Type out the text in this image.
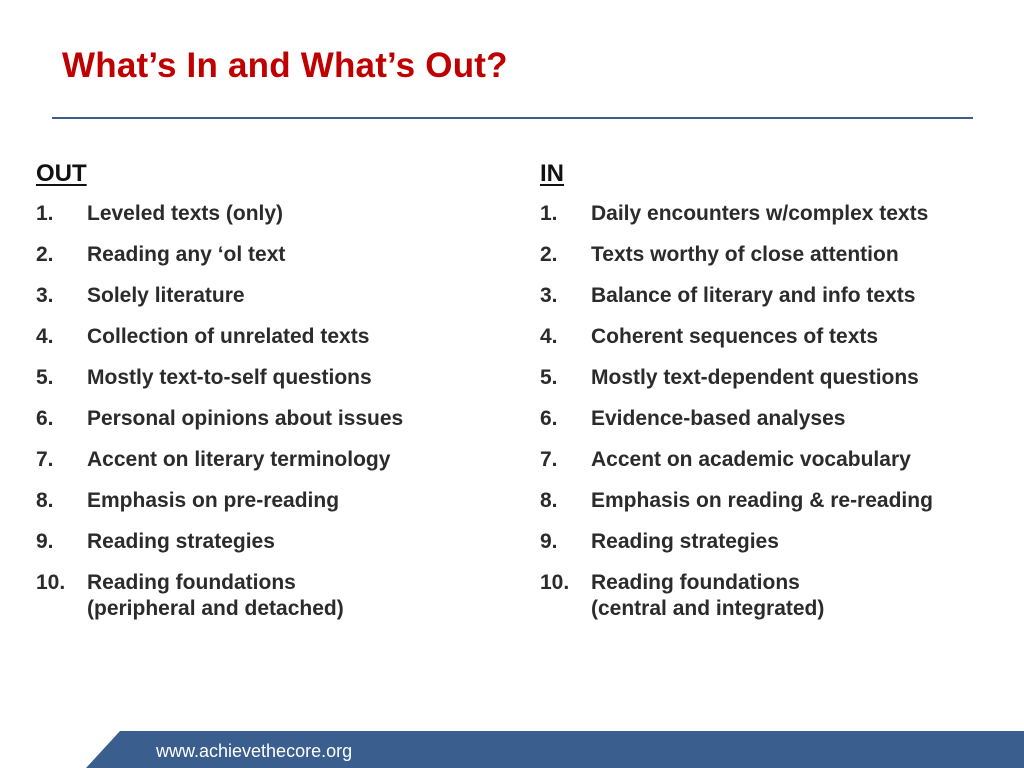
What’s In and What’s Out?
OUT
1.	Leveled texts (only)
2.	Reading any ‘ol text
3.	Solely literature
4.	Collection of unrelated texts
5.	Mostly text-to-self questions
6.	Personal opinions about issues
7.	Accent on literary terminology
8.	Emphasis on pre-reading
9.	Reading strategies
10.	Reading foundations
(peripheral and detached)
IN
1.	Daily encounters w/complex texts
2.	Texts worthy of close attention
3.	Balance of literary and info texts
4.	Coherent sequences of texts
5.	Mostly text-dependent questions
6.	Evidence-based analyses
7.	Accent on academic vocabulary
8.	Emphasis on reading & re-reading
9.	Reading strategies
10.	Reading foundations
(central and integrated)
www.achievethecore.org
